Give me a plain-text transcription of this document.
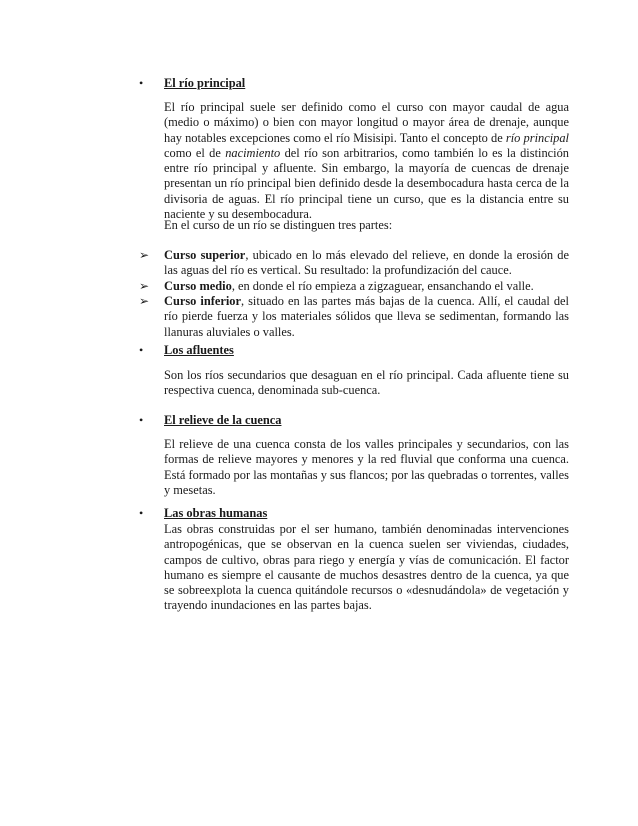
•	El río principal
El río principal suele ser definido como el curso con mayor caudal de agua (medio o máximo) o bien con mayor longitud o mayor área de drenaje, aunque hay notables excepciones como el río Misisipi. Tanto el concepto de río principal como el de nacimiento del río son arbitrarios, como también lo es la distinción entre río principal y afluente. Sin embargo, la mayoría de cuencas de drenaje presentan un río principal bien definido desde la desembocadura hasta cerca de la divisoria de aguas. El río principal tiene un curso, que es la distancia entre su naciente y su desembocadura.
En el curso de un río se distinguen tres partes:
➢	Curso superior, ubicado en lo más elevado del relieve, en donde la erosión de las aguas del río es vertical. Su resultado: la profundización del cauce.
➢	Curso medio, en donde el río empieza a zigzaguear, ensanchando el valle.
➢	Curso inferior, situado en las partes más bajas de la cuenca. Allí, el caudal del río pierde fuerza y los materiales sólidos que lleva se sedimentan, formando las llanuras aluviales o valles.
•	Los afluentes
Son los ríos secundarios que desaguan en el río principal. Cada afluente tiene su respectiva cuenca, denominada sub-cuenca.
•	El relieve de la cuenca
El relieve de una cuenca consta de los valles principales y secundarios, con las formas de relieve mayores y menores y la red fluvial que conforma una cuenca. Está formado por las montañas y sus flancos; por las quebradas o torrentes, valles y mesetas.
•	Las obras humanas
Las obras construidas por el ser humano, también denominadas intervenciones antropogénicas, que se observan en la cuenca suelen ser viviendas, ciudades, campos de cultivo, obras para riego y energía y vías de comunicación. El factor humano es siempre el causante de muchos desastres dentro de la cuenca, ya que se sobreexplota la cuenca quitándole recursos o «desnudándola» de vegetación y trayendo inundaciones en las partes bajas.
